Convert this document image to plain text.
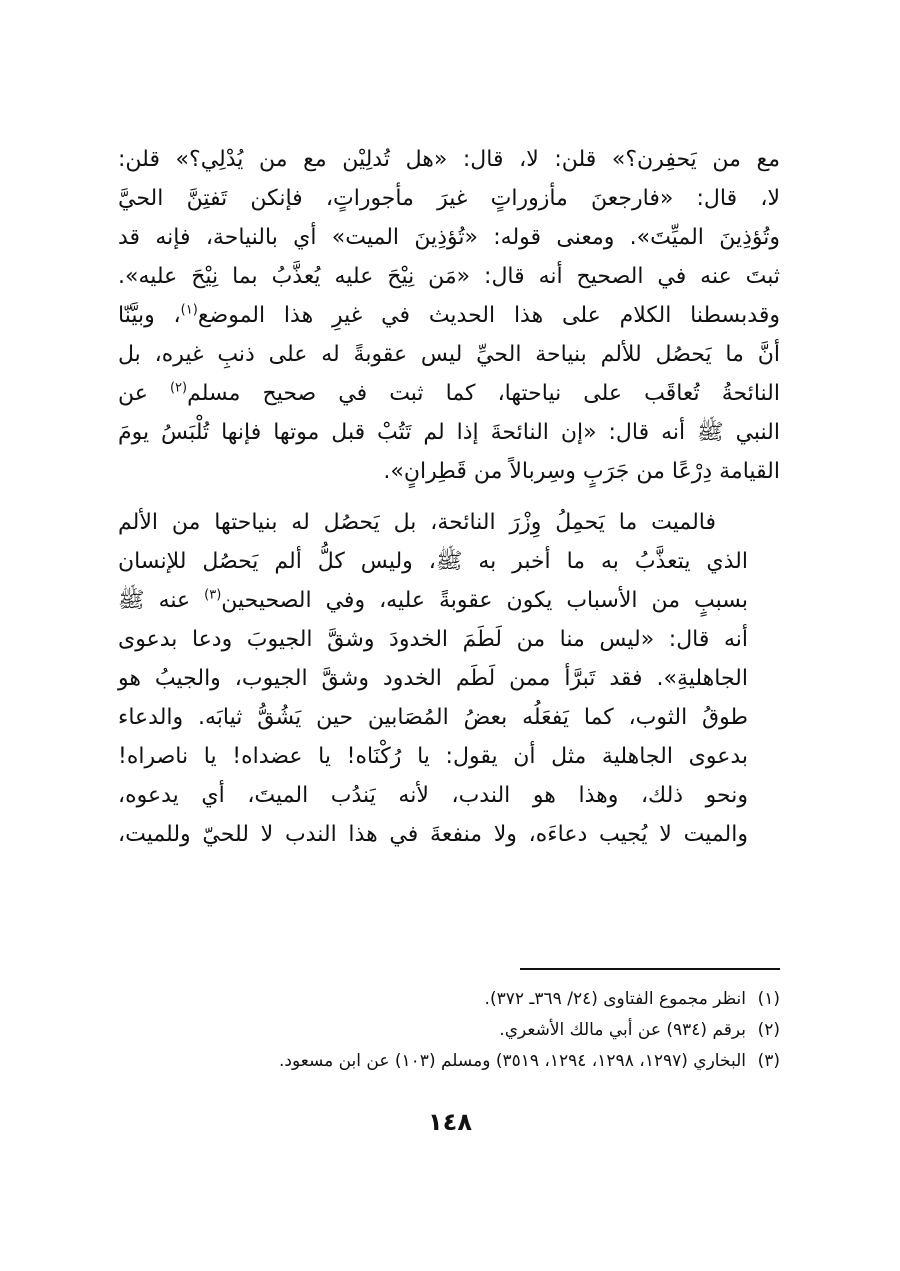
مع من يَحفِرن؟» قلن: لا، قال: «هل تُدلِيْن مع من يُدْلِي؟» قلن:
لا، قال: «فارجعنَ مأزوراتٍ غيرَ مأجوراتٍ، فإنكن تَفتِنَّ الحيَّ
وتُؤذِينَ الميِّتَ». ومعنى قوله: «تُؤذِينَ الميت» أي بالنياحة، فإنه قد
ثبتَ عنه في الصحيح أنه قال: «مَن نِيْحَ عليه يُعذَّبُ بما نِيْحَ عليه».
وقدبسطنا الكلام على هذا الحديث في غيرِ هذا الموضع$^{(١)}$، وبيَّنّا
أنَّ ما يَحصُل للألم بنياحة الحيِّ ليس عقوبةً له على ذنبِ غيره، بل
النائحةُ تُعاقَب على نياحتها، كما ثبت في صحيح مسلم$^{(٢)}$ عن
النبي ﷺ أنه قال: «إن النائحةَ إذا لم تَتُبْ قبل موتها فإنها تُلْبَسُ يومَ
القيامة دِرْعًا من جَرَبٍ وسِربالاً من قَطِرانٍ».

فالميت ما يَحمِلُ وِزْرَ النائحة، بل يَحصُل له بنياحتها من الألم
الذي يتعذَّبُ به ما أخبر به ﷺ، وليس كلُّ ألم يَحصُل للإنسان
بسببٍ من الأسباب يكون عقوبةً عليه، وفي الصحيحين$^{(٣)}$ عنه ﷺ
أنه قال: «ليس منا من لَطَمَ الخدودَ وشقَّ الجيوبَ ودعا بدعوى
الجاهليةِ». فقد تَبرَّأ ممن لَطَم الخدود وشقَّ الجيوب، والجيبُ هو
طوقُ الثوب، كما يَفعَلُه بعضُ المُصَابين حين يَشُقُّ ثيابَه. والدعاء
بدعوى الجاهلية مثل أن يقول: يا رُكْنَاه! يا عضداه! يا ناصراه!
ونحو ذلك، وهذا هو الندب، لأنه يَندُب الميتَ، أي يدعوه،
والميت لا يُجيب دعاءَه، ولا منفعةَ في هذا الندب لا للحيّ وللميت،

(١)انظر مجموع الفتاوى (٢٤/ ٣٦٩ـ ٣٧٢).
(٢)برقم (٩٣٤) عن أبي مالك الأشعري.
(٣)البخاري (١٢٩٧، ١٢٩٨، ١٢٩٤، ٣٥١٩) ومسلم (١٠٣) عن ابن مسعود.
١٤٨
